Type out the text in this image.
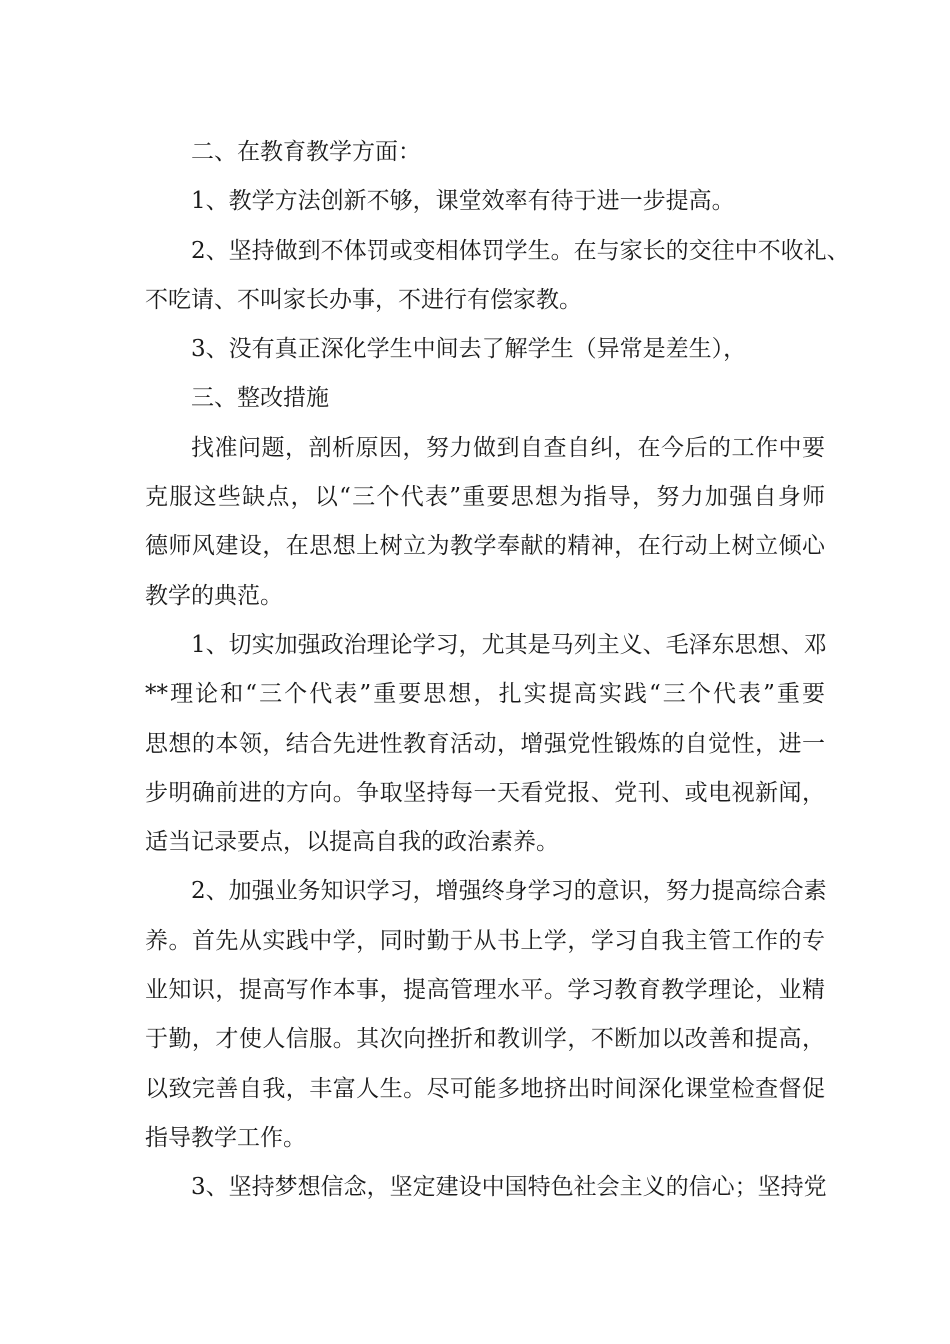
二、在教育教学方面：
1、教学方法创新不够，课堂效率有待于进一步提高。
2、坚持做到不体罚或变相体罚学生。在与家长的交往中不收礼、
不吃请、不叫家长办事，不进行有偿家教。
3、没有真正深化学生中间去了解学生（异常是差生），
三、整改措施
找准问题，剖析原因，努力做到自查自纠，在今后的工作中要
克服这些缺点，以“三个代表”重要思想为指导，努力加强自身师
德师风建设，在思想上树立为教学奉献的精神，在行动上树立倾心
教学的典范。
1、切实加强政治理论学习，尤其是马列主义、毛泽东思想、邓
**理论和“三个代表”重要思想，扎实提高实践“三个代表”重要
思想的本领，结合先进性教育活动，增强党性锻炼的自觉性，进一
步明确前进的方向。争取坚持每一天看党报、党刊、或电视新闻，
适当记录要点，以提高自我的政治素养。
2、加强业务知识学习，增强终身学习的意识，努力提高综合素
养。首先从实践中学，同时勤于从书上学，学习自我主管工作的专
业知识，提高写作本事，提高管理水平。学习教育教学理论，业精
于勤，才使人信服。其次向挫折和教训学，不断加以改善和提高，
以致完善自我，丰富人生。尽可能多地挤出时间深化课堂检查督促
指导教学工作。
3、坚持梦想信念，坚定建设中国特色社会主义的信心；坚持党
